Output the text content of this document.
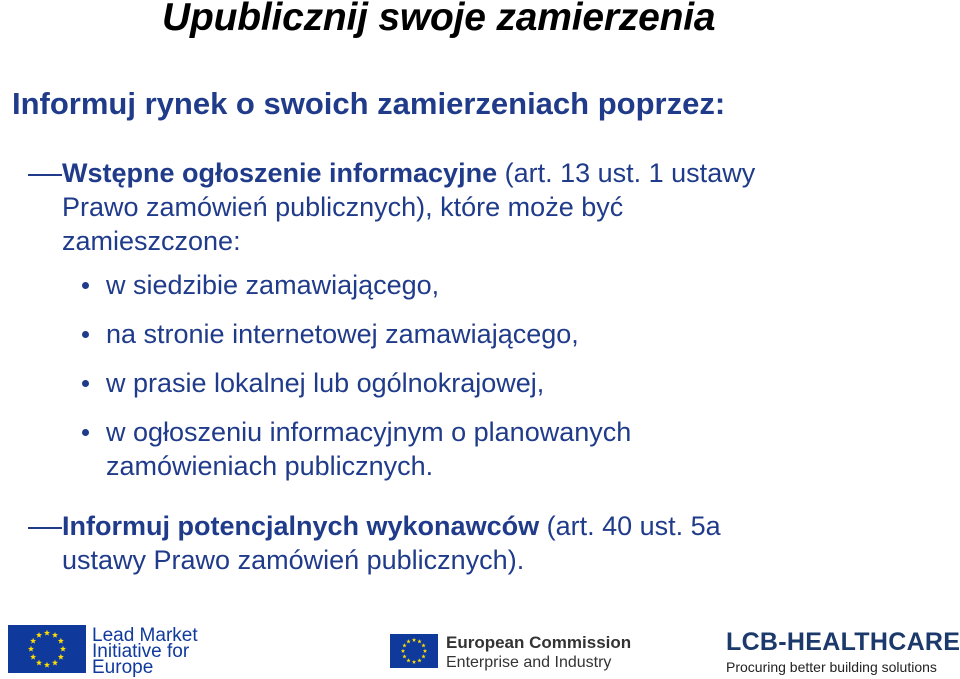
Upublicznij swoje zamierzenia
Informuj rynek o swoich zamierzeniach poprzez:
Wstępne ogłoszenie informacyjne (art. 13 ust. 1 ustawy
Prawo zamówień publicznych), które może być
zamieszczone:
w siedzibie zamawiającego,
na stronie internetowej zamawiającego,
w prasie lokalnej lub ogólnokrajowej,
w ogłoszeniu informacyjnym o planowanych
zamówieniach publicznych.
Informuj potencjalnych wykonawców (art. 40 ust. 5a
ustawy Prawo zamówień publicznych).
Lead Market
Initiative for
Europe
European Commission
Enterprise and Industry
LCB-HEALTHCARE
Procuring better building solutions
